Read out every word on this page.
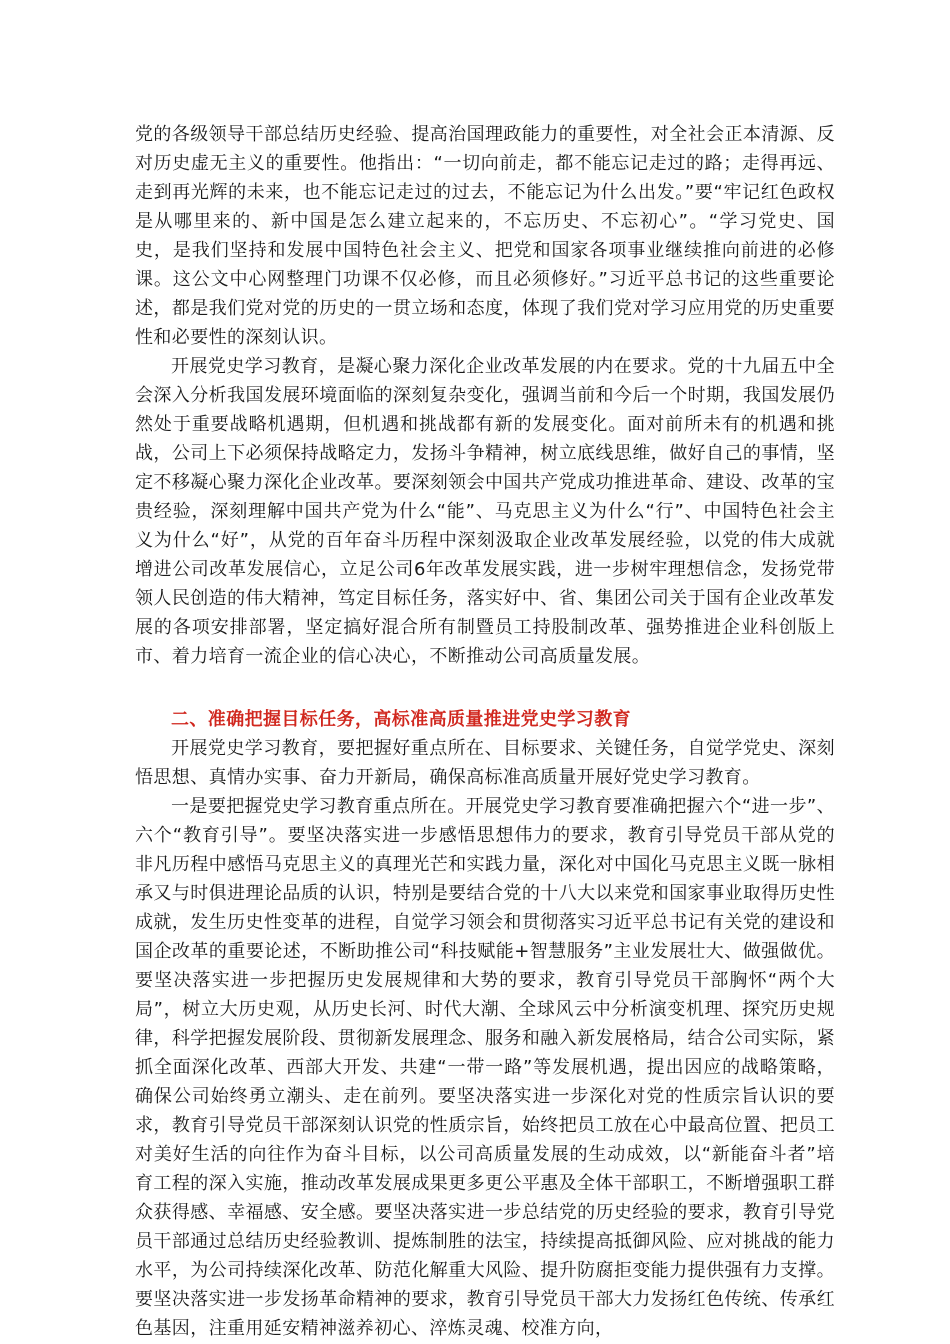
党的各级领导干部总结历史经验、提高治国理政能力的重要性，对全社会正本清源、反对历史虚无主义的重要性。他指出：“一切向前走，都不能忘记走过的路；走得再远、走到再光辉的未来，也不能忘记走过的过去，不能忘记为什么出发。”要“牢记红色政权是从哪里来的、新中国是怎么建立起来的，不忘历史、不忘初心”。“学习党史、国史，是我们坚持和发展中国特色社会主义、把党和国家各项事业继续推向前进的必修课。这公文中心网整理门功课不仅必修，而且必须修好。”习近平总书记的这些重要论述，都是我们党对党的历史的一贯立场和态度，体现了我们党对学习应用党的历史重要性和必要性的深刻认识。

开展党史学习教育，是凝心聚力深化企业改革发展的内在要求。党的十九届五中全会深入分析我国发展环境面临的深刻复杂变化，强调当前和今后一个时期，我国发展仍然处于重要战略机遇期，但机遇和挑战都有新的发展变化。面对前所未有的机遇和挑战，公司上下必须保持战略定力，发扬斗争精神，树立底线思维，做好自己的事情，坚定不移凝心聚力深化企业改革。要深刻领会中国共产党成功推进革命、建设、改革的宝贵经验，深刻理解中国共产党为什么“能”、马克思主义为什么“行”、中国特色社会主义为什么“好”，从党的百年奋斗历程中深刻汲取企业改革发展经验，以党的伟大成就增进公司改革发展信心，立足公司6年改革发展实践，进一步树牢理想信念，发扬党带领人民创造的伟大精神，笃定目标任务，落实好中、省、集团公司关于国有企业改革发展的各项安排部署，坚定搞好混合所有制暨员工持股制改革、强势推进企业科创版上市、着力培育一流企业的信心决心，不断推动公司高质量发展。

二、准确把握目标任务，高标准高质量推进党史学习教育

开展党史学习教育，要把握好重点所在、目标要求、关键任务，自觉学党史、深刻悟思想、真情办实事、奋力开新局，确保高标准高质量开展好党史学习教育。

一是要把握党史学习教育重点所在。开展党史学习教育要准确把握六个“进一步”、六个“教育引导”。要坚决落实进一步感悟思想伟力的要求，教育引导党员干部从党的非凡历程中感悟马克思主义的真理光芒和实践力量，深化对中国化马克思主义既一脉相承又与时俱进理论品质的认识，特别是要结合党的十八大以来党和国家事业取得历史性成就，发生历史性变革的进程，自觉学习领会和贯彻落实习近平总书记有关党的建设和国企改革的重要论述，不断助推公司“科技赋能+智慧服务”主业发展壮大、做强做优。要坚决落实进一步把握历史发展规律和大势的要求，教育引导党员干部胸怀“两个大局”，树立大历史观，从历史长河、时代大潮、全球风云中分析演变机理、探究历史规律，科学把握发展阶段、贯彻新发展理念、服务和融入新发展格局，结合公司实际，紧抓全面深化改革、西部大开发、共建“一带一路”等发展机遇，提出因应的战略策略，确保公司始终勇立潮头、走在前列。要坚决落实进一步深化对党的性质宗旨认识的要求，教育引导党员干部深刻认识党的性质宗旨，始终把员工放在心中最高位置、把员工对美好生活的向往作为奋斗目标，以公司高质量发展的生动成效，以“新能奋斗者”培育工程的深入实施，推动改革发展成果更多更公平惠及全体干部职工，不断增强职工群众获得感、幸福感、安全感。要坚决落实进一步总结党的历史经验的要求，教育引导党员干部通过总结历史经验教训、提炼制胜的法宝，持续提高抵御风险、应对挑战的能力水平，为公司持续深化改革、防范化解重大风险、提升防腐拒变能力提供强有力支撑。要坚决落实进一步发扬革命精神的要求，教育引导党员干部大力发扬红色传统、传承红色基因，注重用延安精神滋养初心、淬炼灵魂、校准方向，
